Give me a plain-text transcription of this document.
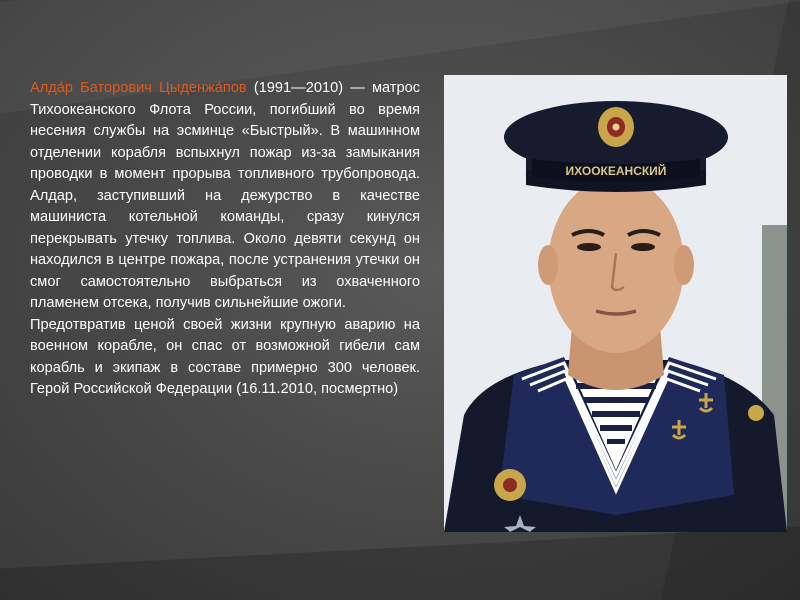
Алда́р Баторович Цыденжа́пов (1991—2010) — матрос Тихоокеанского Флота России, погибший во время несения службы на эсминце «Быстрый». В машинном отделении корабля вспыхнул пожар из-за замыкания проводки в момент прорыва топливного трубопровода. Алдар, заступивший на дежурство в качестве машиниста котельной команды, сразу кинулся перекрывать утечку топлива. Около девяти секунд он находился в центре пожара, после устранения утечки он смог самостоятельно выбраться из охваченного пламенем отсека, получив сильнейшие ожоги.

Предотвратив ценой своей жизни крупную аварию на военном корабле, он спас от возможной гибели сам корабль и экипаж в составе примерно 300 человек. Герой Российской Федерации (16.11.2010, посмертно)

ИХООКЕАНСКИЙ
